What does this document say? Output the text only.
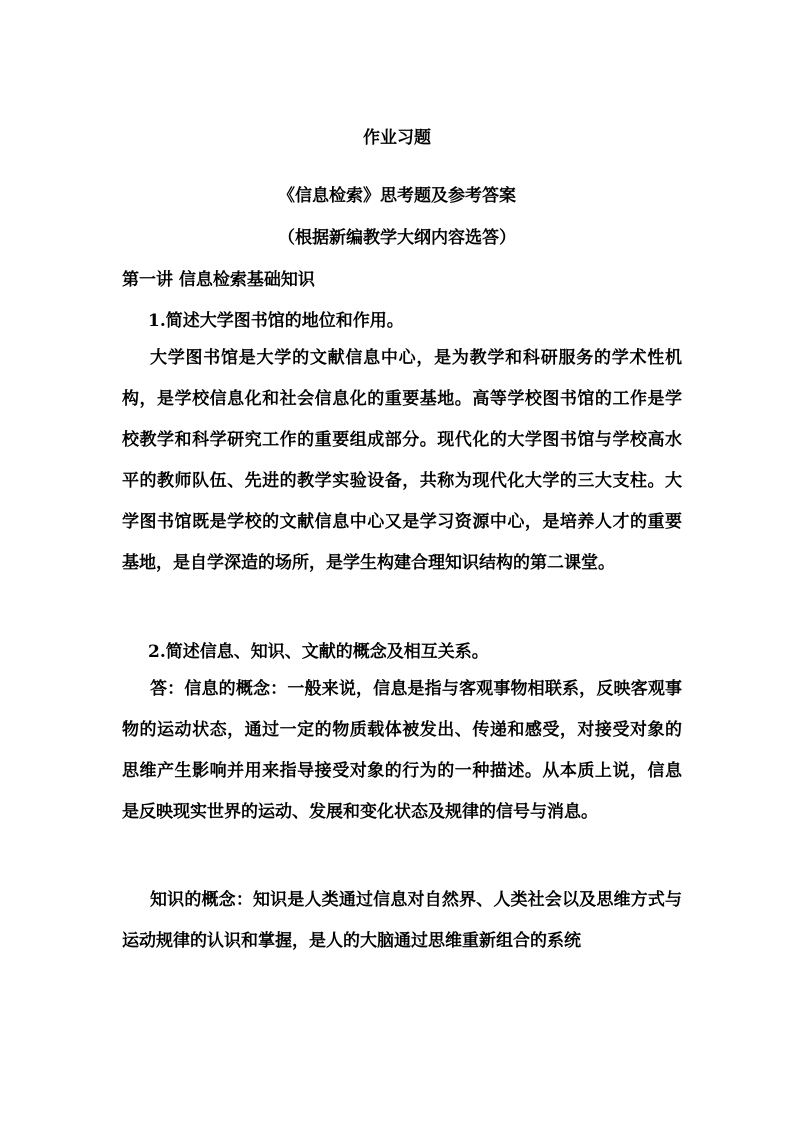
作业习题
《信息检索》思考题及参考答案
（根据新编教学大纲内容选答）
第一讲 信息检索基础知识
1.简述大学图书馆的地位和作用。

大学图书馆是大学的文献信息中心，是为教学和科研服务的学术性机构，是学校信息化和社会信息化的重要基地。高等学校图书馆的工作是学校教学和科学研究工作的重要组成部分。现代化的大学图书馆与学校高水平的教师队伍、先进的教学实验设备，共称为现代化大学的三大支柱。大学图书馆既是学校的文献信息中心又是学习资源中心，是培养人才的重要基地，是自学深造的场所，是学生构建合理知识结构的第二课堂。

2.简述信息、知识、文献的概念及相互关系。

答：信息的概念：一般来说，信息是指与客观事物相联系，反映客观事物的运动状态，通过一定的物质载体被发出、传递和感受，对接受对象的思维产生影响并用来指导接受对象的行为的一种描述。从本质上说，信息是反映现实世界的运动、发展和变化状态及规律的信号与消息。

知识的概念：知识是人类通过信息对自然界、人类社会以及思维方式与运动规律的认识和掌握，是人的大脑通过思维重新组合的系统
